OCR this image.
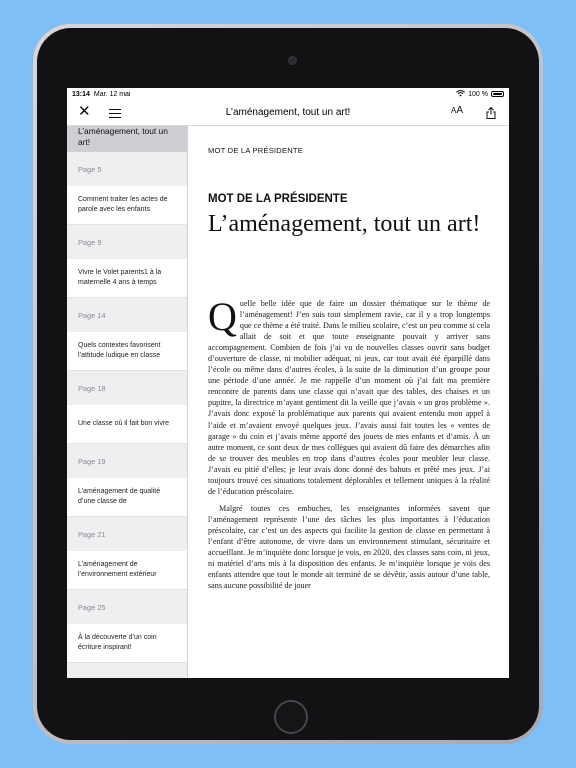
13:14 Mar. 12 mai	100 %
✕	L’aménagement, tout un art!	AA
L’aménagement, tout un art!
Page 5
Comment traiter les actes de parole avec les enfants
Page 9
Vivre le Volet parents1 à la maternelle 4 ans à temps
Page 14
Quels contextes favorisent l’attitude ludique en classe
Page 18
Une classe où il fait bon vivre
Page 19
L’aménagement de qualité d’une classe de
Page 21
L’aménagement de l’environnement extérieur
Page 25
À la découverte d’un coin écriture inspirant!
MOT DE LA PRÉSIDENTE
MOT DE LA PRÉSIDENTE
L’aménagement, tout un art!

Quelle belle idée que de faire un dossier thématique sur le thème de l’aménagement! J’en suis tout simplement ravie, car il y a trop longtemps que ce thème a été traité. Dans le milieu scolaire, c’est un peu comme si cela allait de soit et que toute enseignante pouvait y arriver sans accompagnement. Combien de fois j’ai vu de nouvelles classes ouvrir sans budget d’ouverture de classe, ni mobilier adéquat, ni jeux, car tout avait été éparpillé dans l’école ou même dans d’autres écoles, à la suite de la diminution d’un groupe pour une période d’une année. Je me rappelle d’un moment où j’ai fait ma première rencontre de parents dans une classe qui n’avait que des tables, des chaises et un pupitre, la directrice m’ayant gentiment dit la veille que j’avais « un gros problème ». J’avais donc exposé la problématique aux parents qui avaient entendu mon appel à l’aide et m’avaient envoyé quelques jeux. J’avais aussi fait toutes les « ventes de garage » du coin et j’avais même apporté des jouets de mes enfants et d’amis. À un autre moment, ce sont deux de mes collègues qui avaient dû faire des démarches afin de se trouver des meubles en trop dans d’autres écoles pour meubler leur classe. J’avais eu pitié d’elles; je leur avais donc donné des bahuts et prêté mes jeux. J’ai toujours trouvé ces situations totalement déplorables et tellement uniques à la réalité de l’éducation préscolaire.

Malgré toutes ces embuches, les enseignantes informées savent que l’aménagement représente l’une des tâches les plus importantes à l’éducation préscolaire, car c’est un des aspects qui facilite la gestion de classe en permettant à l’enfant d’être autonome, de vivre dans un environnement stimulant, sécuritaire et accueillant. Je m’inquiète donc lorsque je vois, en 2020, des classes sans coin, ni jeux, ni matériel d’arts mis à la disposition des enfants. Je m’inquiète lorsque je vois des enfants attendre que tout le monde ait terminé de se dévêtir, assis autour d’une table, sans aucune possibilité de jouer
